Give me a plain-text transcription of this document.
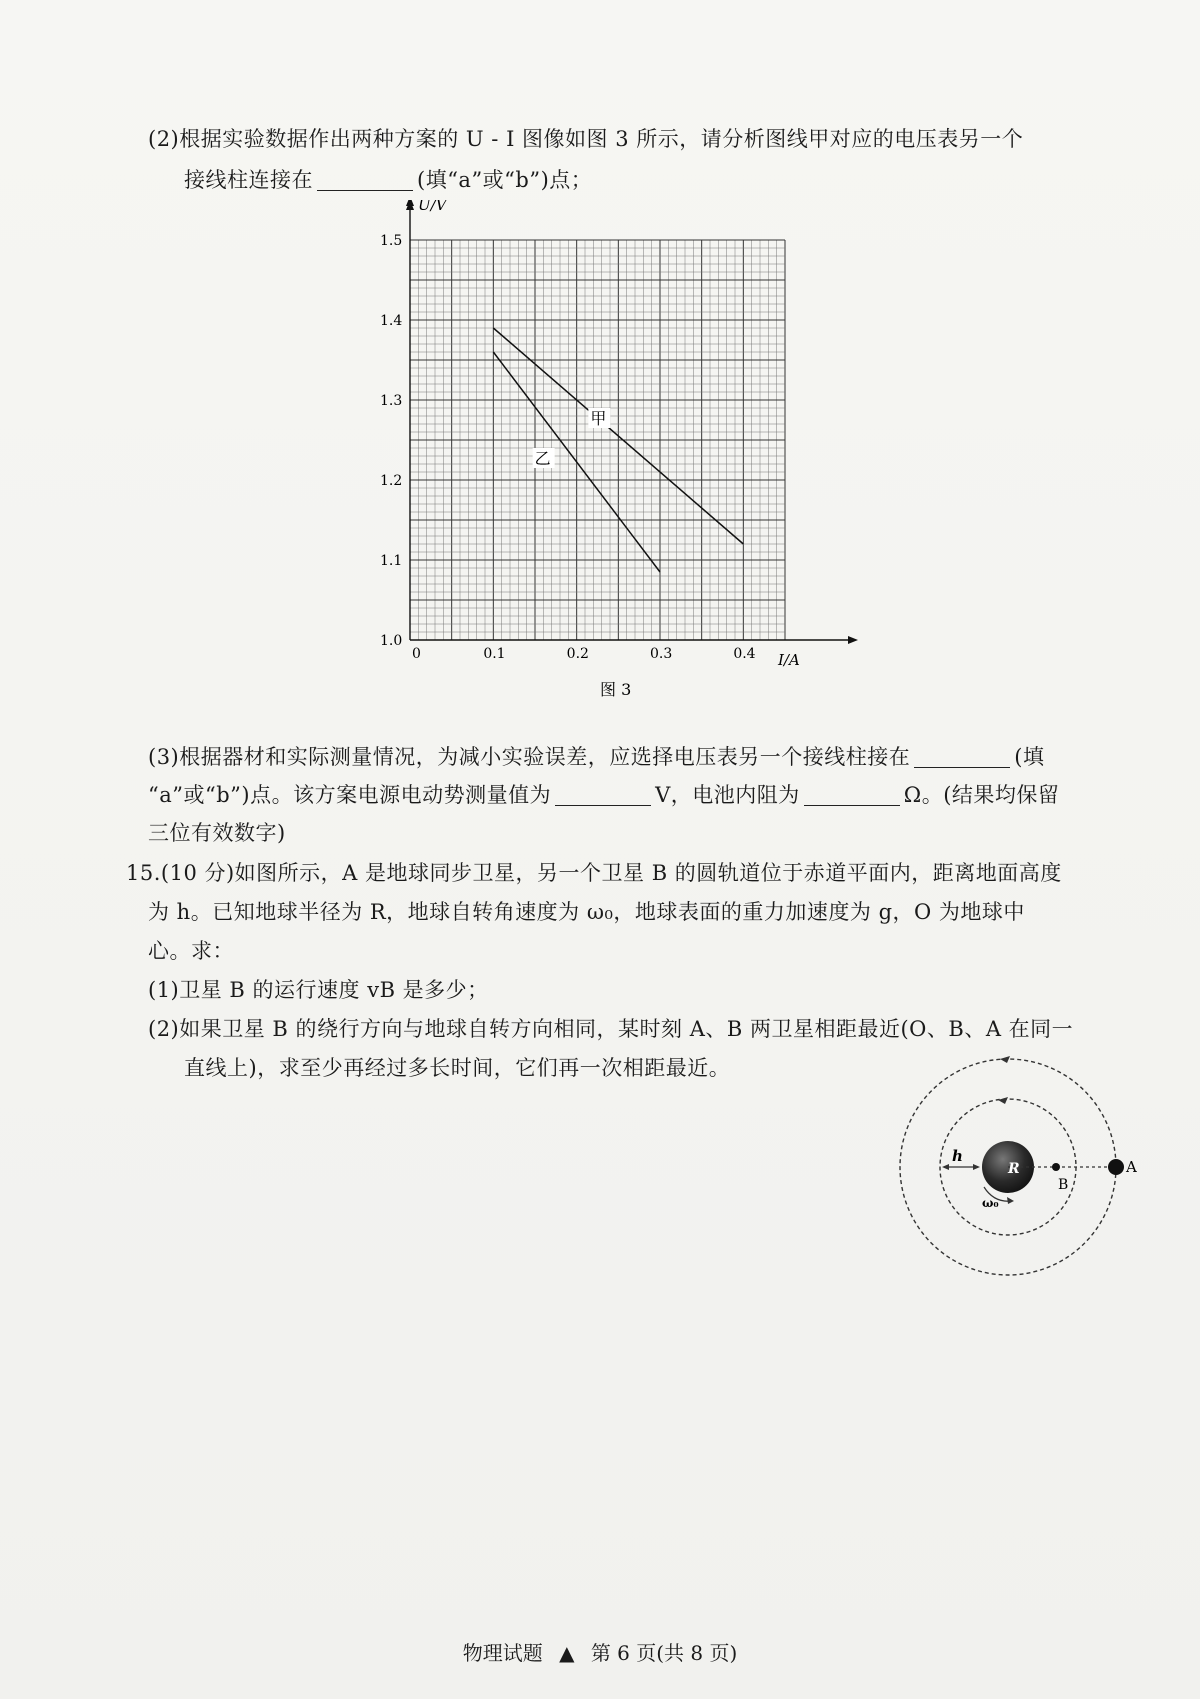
(2)根据实验数据作出两种方案的 U - I 图像如图 3 所示，请分析图线甲对应的电压表另一个
接线柱连接在	(填“a”或“b”)点；
0	0.1	0.2	0.3	0.4
1.0
1.1
1.2
1.3
1.4
1.5
I/A
U/V
甲
乙
图 3
(3)根据器材和实际测量情况，为减小实验误差，应选择电压表另一个接线柱接在	(填
“a”或“b”)点。该方案电源电动势测量值为	V，电池内阻为	Ω。(结果均保留
三位有效数字)
15.(10 分)如图所示，A 是地球同步卫星，另一个卫星 B 的圆轨道位于赤道平面内，距离地面高度
为 h。已知地球半径为 R，地球自转角速度为 ω₀，地球表面的重力加速度为 g，O 为地球中
心。求：
(1)卫星 B 的运行速度 vB 是多少；
(2)如果卫星 B 的绕行方向与地球自转方向相同，某时刻 A、B 两卫星相距最近(O、B、A 在同一
直线上)，求至少再经过多长时间，它们再一次相距最近。
h
R
ω₀
B
A
物理试题 ▲ 第 6 页(共 8 页)
